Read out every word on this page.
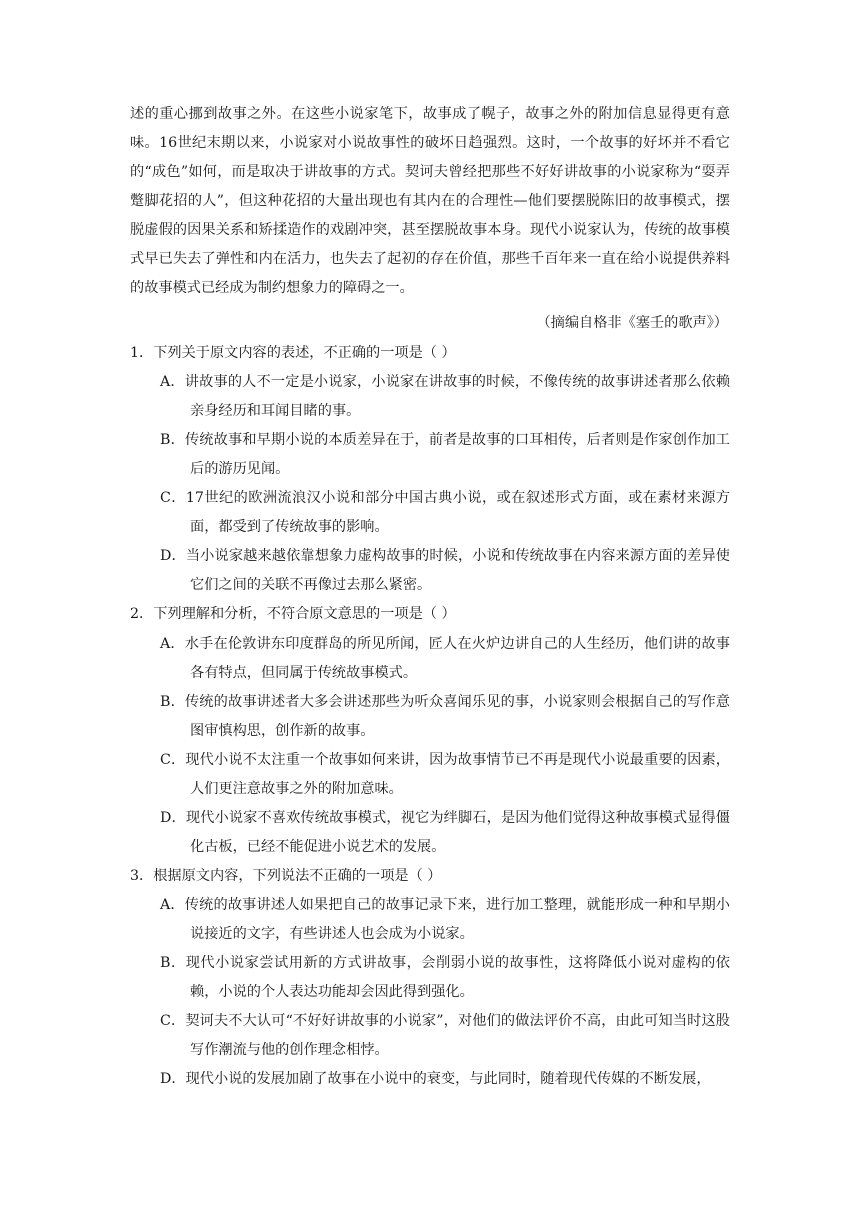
述的重心挪到故事之外。在这些小说家笔下，故事成了幌子，故事之外的附加信息显得更有意味。16世纪末期以来，小说家对小说故事性的破坏日趋强烈。这时，一个故事的好坏并不看它的“成色”如何，而是取决于讲故事的方式。契诃夫曾经把那些不好好讲故事的小说家称为“耍弄蹩脚花招的人”，但这种花招的大量出现也有其内在的合理性—他们要摆脱陈旧的故事模式，摆脱虚假的因果关系和矫揉造作的戏剧冲突，甚至摆脱故事本身。现代小说家认为，传统的故事模式早已失去了弹性和内在活力，也失去了起初的存在价值，那些千百年来一直在给小说提供养料的故事模式已经成为制约想象力的障碍之一。

（摘编自格非《塞壬的歌声》）
1．下列关于原文内容的表述，不正确的一项是（ ）
A．讲故事的人不一定是小说家，小说家在讲故事的时候，不像传统的故事讲述者那么依赖亲身经历和耳闻目睹的事。
B．传统故事和早期小说的本质差异在于，前者是故事的口耳相传，后者则是作家创作加工后的游历见闻。
C．17世纪的欧洲流浪汉小说和部分中国古典小说，或在叙述形式方面，或在素材来源方面，都受到了传统故事的影响。
D．当小说家越来越依靠想象力虚构故事的时候，小说和传统故事在内容来源方面的差异使它们之间的关联不再像过去那么紧密。
2．下列理解和分析，不符合原文意思的一项是（ ）
A．水手在伦敦讲东印度群岛的所见所闻，匠人在火炉边讲自己的人生经历，他们讲的故事各有特点，但同属于传统故事模式。
B．传统的故事讲述者大多会讲述那些为听众喜闻乐见的事，小说家则会根据自己的写作意图审慎构思，创作新的故事。
C．现代小说不太注重一个故事如何来讲，因为故事情节已不再是现代小说最重要的因素，人们更注意故事之外的附加意味。
D．现代小说家不喜欢传统故事模式，视它为绊脚石，是因为他们觉得这种故事模式显得僵化古板，已经不能促进小说艺术的发展。
3．根据原文内容，下列说法不正确的一项是（ ）
A．传统的故事讲述人如果把自己的故事记录下来，进行加工整理，就能形成一种和早期小说接近的文字，有些讲述人也会成为小说家。
B．现代小说家尝试用新的方式讲故事，会削弱小说的故事性，这将降低小说对虚构的依赖，小说的个人表达功能却会因此得到强化。
C．契诃夫不大认可“不好好讲故事的小说家”，对他们的做法评价不高，由此可知当时这股写作潮流与他的创作理念相悖。
D．现代小说的发展加剧了故事在小说中的衰变，与此同时，随着现代传媒的不断发展，
